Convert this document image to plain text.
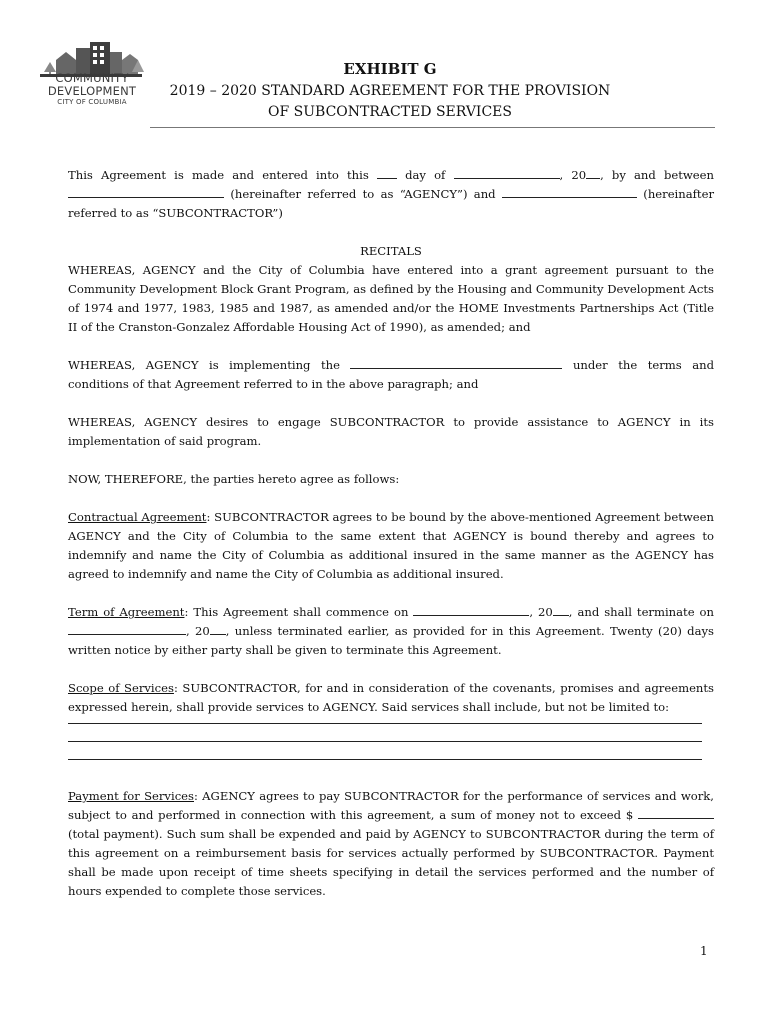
COMMUNITY
DEVELOPMENT
CITY OF COLUMBIA
EXHIBIT G
2019 – 2020 STANDARD AGREEMENT FOR THE PROVISION
OF SUBCONTRACTED SERVICES

This Agreement is made and entered into this	day of	, 20 , by and between  (hereinafter referred to as “AGENCY”) and	(hereinafter referred to as “SUBCONTRACTOR”)

RECITALS

WHEREAS, AGENCY and the City of Columbia have entered into a grant agreement pursuant to the Community Development Block Grant Program, as defined by the Housing and Community Development Acts of 1974 and 1977, 1983, 1985 and 1987, as amended and/or the HOME Investments Partnerships Act (Title II of the Cranston-Gonzalez Affordable Housing Act of 1990), as amended; and

WHEREAS, AGENCY is implementing the	under the terms and conditions of that Agreement referred to in the above paragraph; and

WHEREAS, AGENCY desires to engage SUBCONTRACTOR to provide assistance to AGENCY in its implementation of said program.

NOW, THEREFORE, the parties hereto agree as follows:

Contractual Agreement: SUBCONTRACTOR agrees to be bound by the above-mentioned Agreement between AGENCY and the City of Columbia to the same extent that AGENCY is bound thereby and agrees to indemnify and name the City of Columbia as additional insured in the same manner as the AGENCY has agreed to indemnify and name the City of Columbia as additional insured.

Term of Agreement: This Agreement shall commence on	, 20 , and shall terminate on , 20 , unless terminated earlier, as provided for in this Agreement. Twenty (20) days written notice by either party shall be given to terminate this Agreement.

Scope of Services: SUBCONTRACTOR, for and in consideration of the covenants, promises and agreements expressed herein, shall provide services to AGENCY. Said services shall include, but not be limited to:

Payment for Services: AGENCY agrees to pay SUBCONTRACTOR for the performance of services and work, subject to and performed in connection with this agreement, a sum of money not to exceed $  (total payment). Such sum shall be expended and paid by AGENCY to SUBCONTRACTOR during the term of this agreement on a reimbursement basis for services actually performed by SUBCONTRACTOR. Payment shall be made upon receipt of time sheets specifying in detail the services performed and the number of hours expended to complete those services.

1
